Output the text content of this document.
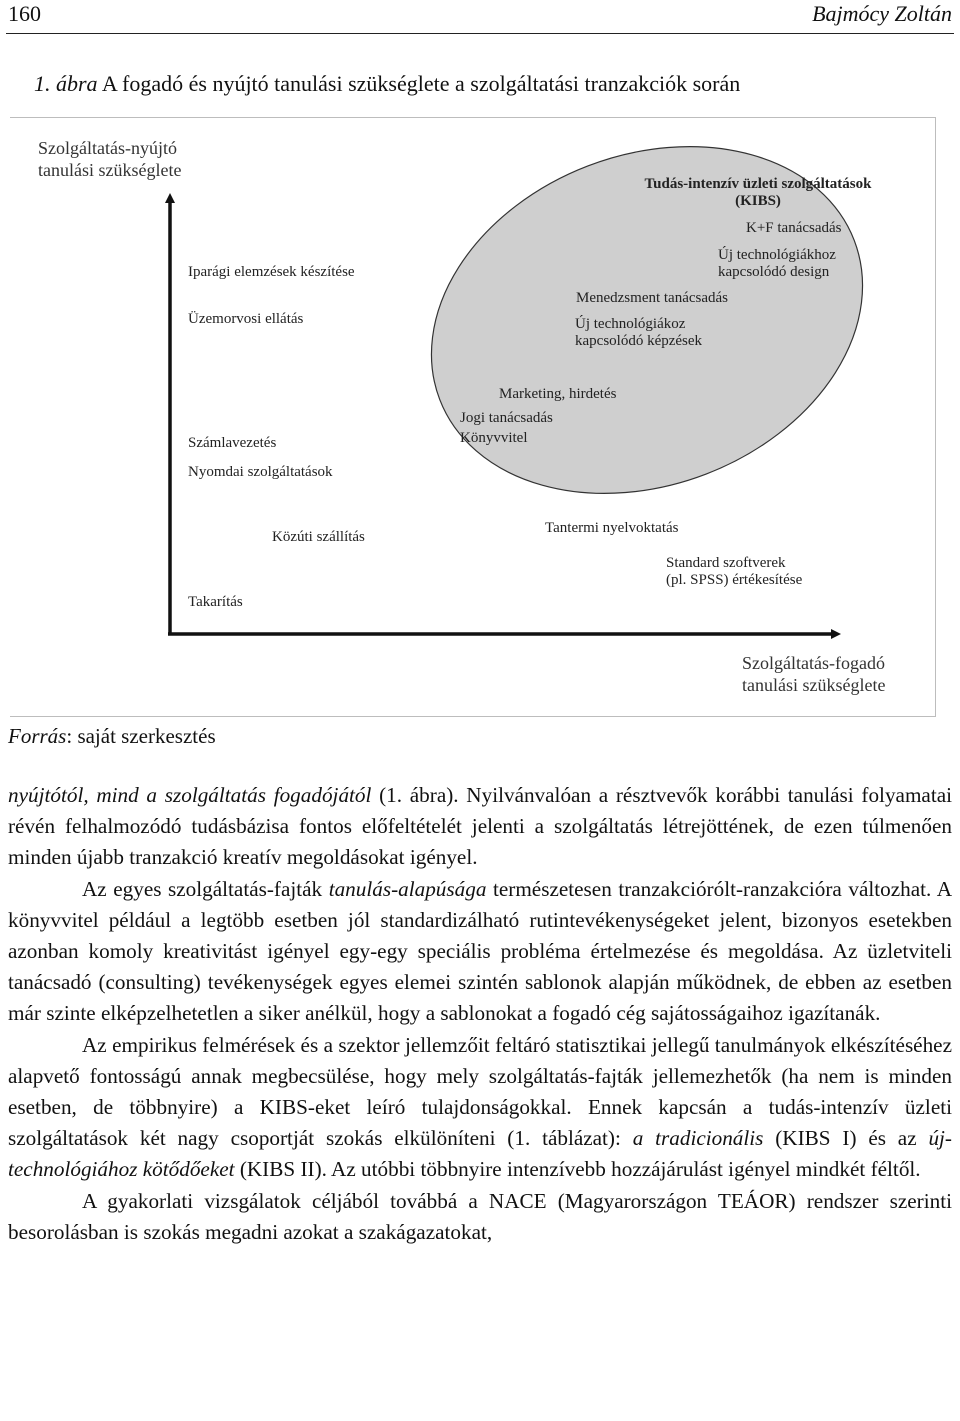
160	Bajmócy Zoltán
1. ábra A fogadó és nyújtó tanulási szükséglete a szolgáltatási tranzakciók során
Szolgáltatás-nyújtó
tanulási szükséglete
Szolgáltatás-fogadó
tanulási szükséglete
Tudás-intenzív üzleti szolgáltatások
(KIBS)
K+F tanácsadás
Új technológiákhoz
kapcsolódó design
Iparági elemzések készítése
Menedzsment tanácsadás
Üzemorvosi ellátás	Új technológiákoz
kapcsolódó képzések
Marketing, hirdetés
Jogi tanácsadás
Könyvvitel
Számlavezetés
Nyomdai szolgáltatások
Közúti szállítás
Tantermi nyelvoktatás
Standard szoftverek
(pl. SPSS) értékesítése
Takarítás
Forrás: saját szerkesztés

nyújtótól, mind a szolgáltatás fogadójától (1. ábra). Nyilvánvalóan a résztvevők korábbi tanulási folyamatai révén felhalmozódó tudásbázisa fontos előfeltételét jelenti a szolgáltatás létrejöttének, de ezen túlmenően minden újabb tranzakció kreatív megoldásokat igényel.

Az egyes szolgáltatás-fajták tanulás-alapúsága természetesen tranzakciórólt-ranzakcióra változhat. A könyvvitel például a legtöbb esetben jól standardizálható rutintevékenységeket jelent, bizonyos esetekben azonban komoly kreativitást igényel egy-egy speciális probléma értelmezése és megoldása. Az üzletviteli tanácsadó (consulting) tevékenységek egyes elemei szintén sablonok alapján működnek, de ebben az esetben már szinte elképzelhetetlen a siker anélkül, hogy a sablonokat a fogadó cég sajátosságaihoz igazítanák.

Az empirikus felmérések és a szektor jellemzőit feltáró statisztikai jellegű tanulmányok elkészítéséhez alapvető fontosságú annak megbecsülése, hogy mely szolgáltatás-fajták jellemezhetők (ha nem is minden esetben, de többnyire) a KIBS-eket leíró tulajdonságokkal. Ennek kapcsán a tudás-intenzív üzleti szolgáltatások két nagy csoportját szokás elkülöníteni (1. táblázat): a tradicionális (KIBS I) és az új-technológiához kötődőeket (KIBS II). Az utóbbi többnyire intenzívebb hozzájárulást igényel mindkét féltől.

A gyakorlati vizsgálatok céljából továbbá a NACE (Magyarországon TEÁOR) rendszer szerinti besorolásban is szokás megadni azokat a szakágazatokat,
